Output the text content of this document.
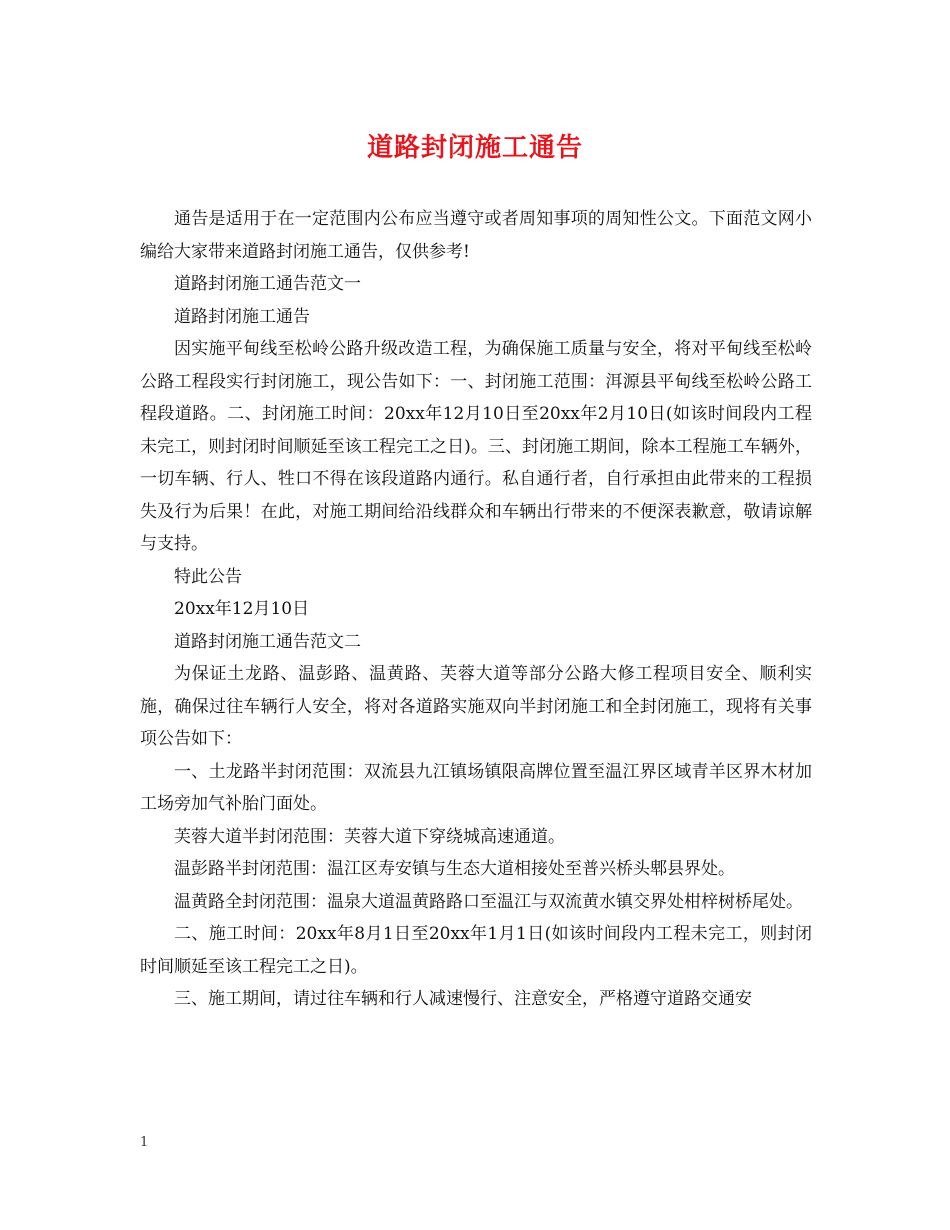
道路封闭施工通告

通告是适用于在一定范围内公布应当遵守或者周知事项的周知性公文。下面范文网小编给大家带来道路封闭施工通告，仅供参考!

道路封闭施工通告范文一

道路封闭施工通告

因实施平甸线至松岭公路升级改造工程，为确保施工质量与安全，将对平甸线至松岭公路工程段实行封闭施工，现公告如下：一、封闭施工范围：洱源县平甸线至松岭公路工程段道路。二、封闭施工时间：20xx年12月10日至20xx年2月10日(如该时间段内工程未完工，则封闭时间顺延至该工程完工之日)。三、封闭施工期间，除本工程施工车辆外，一切车辆、行人、牲口不得在该段道路内通行。私自通行者，自行承担由此带来的工程损失及行为后果！在此，对施工期间给沿线群众和车辆出行带来的不便深表歉意，敬请谅解与支持。

特此公告

20xx年12月10日

道路封闭施工通告范文二

为保证土龙路、温彭路、温黄路、芙蓉大道等部分公路大修工程项目安全、顺利实施，确保过往车辆行人安全，将对各道路实施双向半封闭施工和全封闭施工，现将有关事项公告如下：

一、土龙路半封闭范围：双流县九江镇场镇限高牌位置至温江界区域青羊区界木材加工场旁加气补胎门面处。

芙蓉大道半封闭范围：芙蓉大道下穿绕城高速通道。

温彭路半封闭范围：温江区寿安镇与生态大道相接处至普兴桥头郫县界处。

温黄路全封闭范围：温泉大道温黄路路口至温江与双流黄水镇交界处柑梓树桥尾处。

二、施工时间：20xx年8月1日至20xx年1月1日(如该时间段内工程未完工，则封闭时间顺延至该工程完工之日)。

三、施工期间，请过往车辆和行人减速慢行、注意安全，严格遵守道路交通安

1
